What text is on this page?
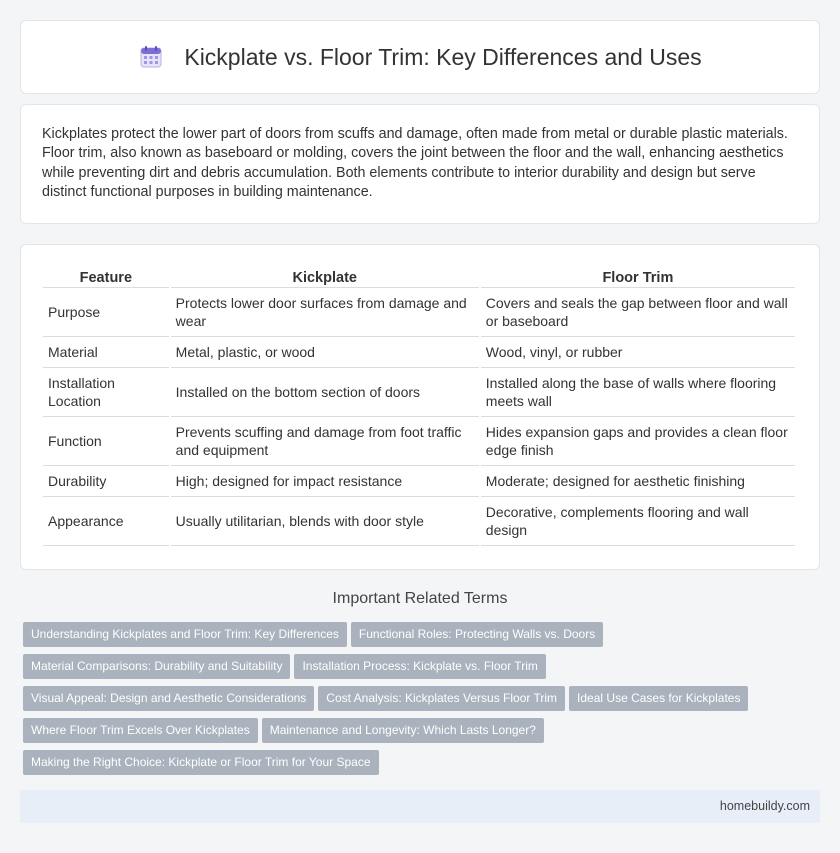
Kickplate vs. Floor Trim: Key Differences and Uses

Kickplates protect the lower part of doors from scuffs and damage, often made from metal or durable plastic materials. Floor trim, also known as baseboard or molding, covers the joint between the floor and the wall, enhancing aesthetics while preventing dirt and debris accumulation. Both elements contribute to interior durability and design but serve distinct functional purposes in building maintenance.

Feature	Kickplate	Floor Trim
Purpose	Protects lower door surfaces from damage and wear	Covers and seals the gap between floor and wall or baseboard
Material	Metal, plastic, or wood	Wood, vinyl, or rubber
Installation Location	Installed on the bottom section of doors	Installed along the base of walls where flooring meets wall
Function	Prevents scuffing and damage from foot traffic and equipment	Hides expansion gaps and provides a clean floor edge finish
Durability	High; designed for impact resistance	Moderate; designed for aesthetic finishing
Appearance	Usually utilitarian, blends with door style	Decorative, complements flooring and wall design
Important Related Terms
Understanding Kickplates and Floor Trim: Key Differences Functional Roles: Protecting Walls vs. Doors
Material Comparisons: Durability and Suitability Installation Process: Kickplate vs. Floor Trim
Visual Appeal: Design and Aesthetic Considerations Cost Analysis: Kickplates Versus Floor Trim Ideal Use Cases for Kickplates
Where Floor Trim Excels Over Kickplates Maintenance and Longevity: Which Lasts Longer?
Making the Right Choice: Kickplate or Floor Trim for Your Space
homebuildy.com
